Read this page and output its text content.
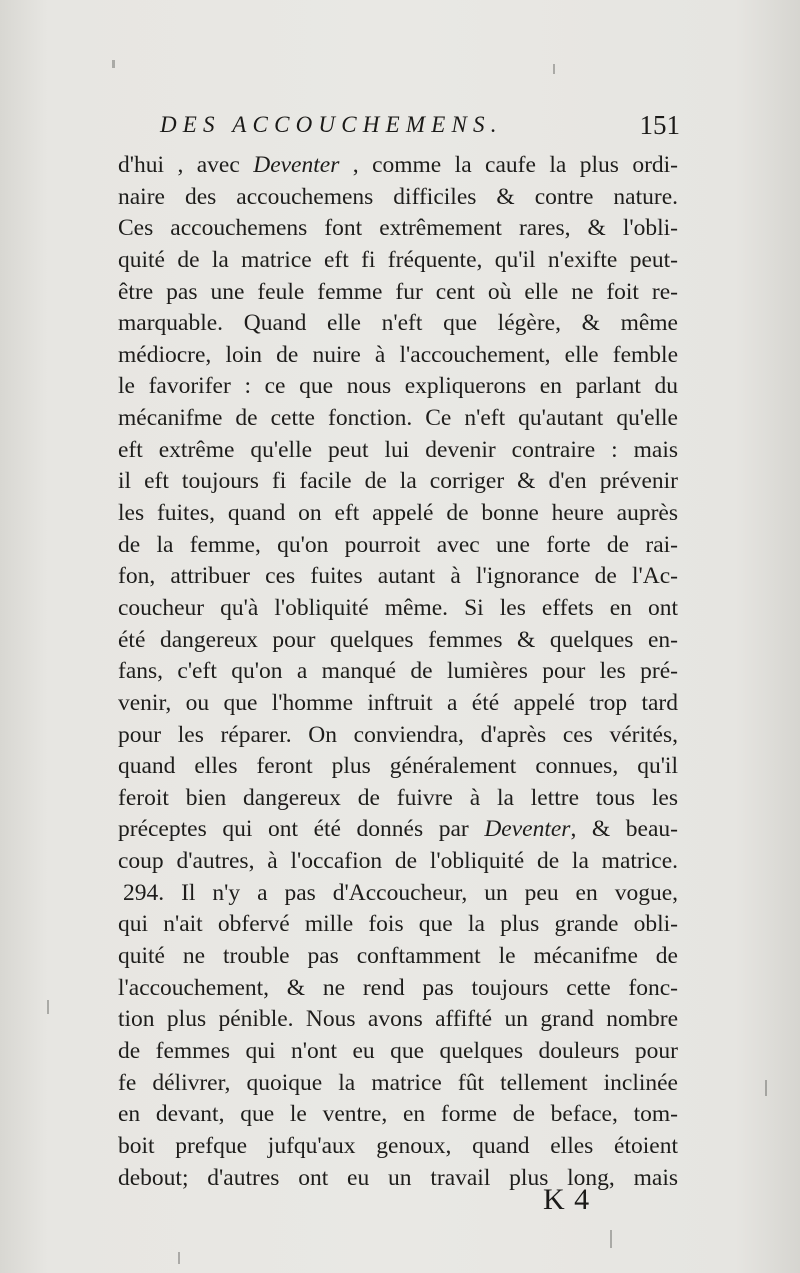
DES ACCOUCHEMENS.	151
d'hui , avec Deventer , comme la caufe la plus ordi-
naire des accouchemens difficiles & contre nature.
Ces accouchemens font extrêmement rares, & l'obli-
quité de la matrice eft fi fréquente, qu'il n'exifte peut-
être pas une feule femme fur cent où elle ne foit re-
marquable. Quand elle n'eft que légère, & même
médiocre, loin de nuire à l'accouchement, elle femble
le favorifer : ce que nous expliquerons en parlant du
mécanifme de cette fonction. Ce n'eft qu'autant qu'elle
eft extrême qu'elle peut lui devenir contraire : mais
il eft toujours fi facile de la corriger & d'en prévenir
les fuites, quand on eft appelé de bonne heure auprès
de la femme, qu'on pourroit avec une forte de rai-
fon, attribuer ces fuites autant à l'ignorance de l'Ac-
coucheur qu'à l'obliquité même. Si les effets en ont
été dangereux pour quelques femmes & quelques en-
fans, c'eft qu'on a manqué de lumières pour les pré-
venir, ou que l'homme inftruit a été appelé trop tard
pour les réparer. On conviendra, d'après ces vérités,
quand elles feront plus généralement connues, qu'il
feroit bien dangereux de fuivre à la lettre tous les
préceptes qui ont été donnés par Deventer, & beau-
coup d'autres, à l'occafion de l'obliquité de la matrice.
294. Il n'y a pas d'Accoucheur, un peu en vogue,
qui n'ait obfervé mille fois que la plus grande obli-
quité ne trouble pas conftamment le mécanifme de
l'accouchement, & ne rend pas toujours cette fonc-
tion plus pénible. Nous avons affifté un grand nombre
de femmes qui n'ont eu que quelques douleurs pour
fe délivrer, quoique la matrice fût tellement inclinée
en devant, que le ventre, en forme de beface, tom-
boit prefque jufqu'aux genoux, quand elles étoient
debout; d'autres ont eu un travail plus long, mais
K 4
